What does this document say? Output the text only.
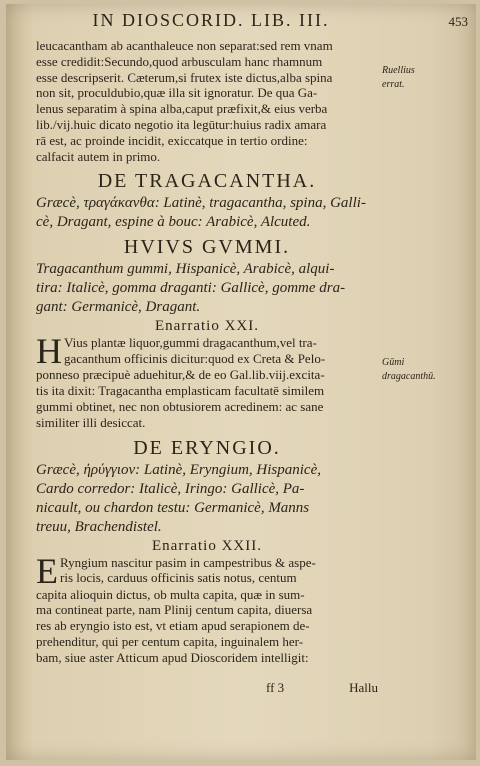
IN DIOSCORID. LIB. III.	453
Ruellius errat.
Gūmi dragacanthū.
leucacantham ab acanthaleuce non separat:sed rem vnam
esse credidit:Secundo,quod arbusculam hanc rhamnum
esse descripserit. Cæterum,si frutex iste dictus,alba spina
non sit, proculdubio,quæ illa sit ignoratur. De qua Ga-
lenus separatim à spina alba,caput præfixit,& eius verba
lib./vij.huic dicato negotio ita legūtur:huius radix amara
rā est, ac proinde incidit, exiccatque in tertio ordine:
calfacit autem in primo.
DE TRAGACANTHA.
Græcè, τραγάκανθα: Latinè, tragacantha, spina, Galli-
cè, Dragant, espine à bouc: Arabicè, Alcuted.
HVIVS GVMMI.
Tragacanthum gummi, Hispanicè, Arabicè, alqui-
tira: Italicè, gomma draganti: Gallicè, gomme dra-
gant: Germanicè, Dragant.
Enarratio XXI.
H Vius plantæ liquor,gummi dragacanthum,vel tra-
gacanthum officinis dicitur:quod ex Creta & Pelo-
ponneso præcipuè aduehitur,& de eo Gal.lib.viij.excita-
tis ita dixit: Tragacantha emplasticam facultatē similem
gummi obtinet, nec non obtusiorem acredinem: ac sane
similiter illi desiccat.
DE ERYNGIO.
Græcè, ἠρύγγιον: Latinè, Eryngium, Hispanicè,
Cardo corredor: Italicè, Iringo: Gallicè, Pa-
nicault, ou chardon testu: Germanicè, Manns
treuu, Brachendistel.
Enarratio XXII.
E Ryngium nascitur pasim in campestribus & aspe-
ris locis, carduus officinis satis notus, centum
capita alioquin dictus, ob multa capita, quæ in sum-
ma contineat parte, nam Plinij centum capita, diuersa
res ab eryngio isto est, vt etiam apud serapionem de-
prehenditur, qui per centum capita, inguinalem her-
bam, siue aster Atticum apud Dioscoridem intelligit:
ff 3	Hallu
